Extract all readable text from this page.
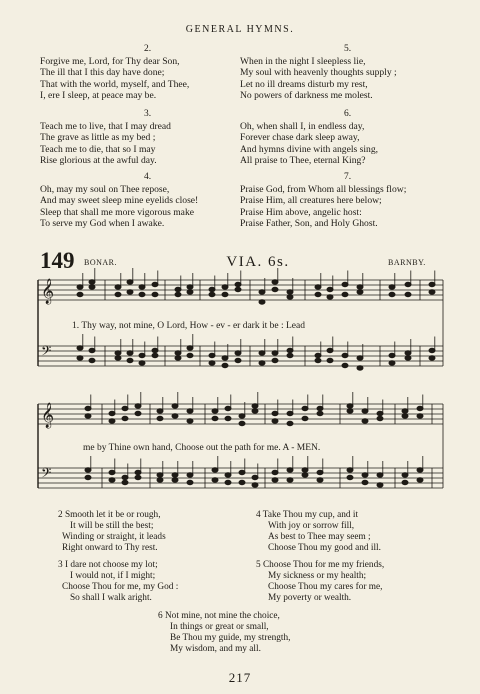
GENERAL HYMNS.
2.
Forgive me, Lord, for Thy dear Son,
The ill that I this day have done;
That with the world, myself, and Thee,
I, ere I sleep, at peace may be.
3.
Teach me to live, that I may dread
The grave as little as my bed ;
Teach me to die, that so I may
Rise glorious at the awful day.
4.
Oh, may my soul on Thee repose,
And may sweet sleep mine eyelids close!
Sleep that shall me more vigorous make
To serve my God when I awake.
5.
When in the night I sleepless lie,
My soul with heavenly thoughts supply ;
Let no ill dreams disturb my rest,
No powers of darkness me molest.
6.
Oh, when shall I, in endless day,
Forever chase dark sleep away,
And hymns divine with angels sing,
All praise to Thee, eternal King?
7.
Praise God, from Whom all blessings flow;
Praise Him, all creatures here below;
Praise Him above, angelic host:
Praise Father, Son, and Holy Ghost.
149 BONAR.	VIA. 6s.	BARNBY.
𝄞
𝄢
𝄞
𝄢
1. Thy way, not mine, O Lord, How - ev - er dark it be : Lead
me by Thine own hand, Choose out the path for me. A - MEN.
2 Smooth let it be or rough,
It will be still the best;
Winding or straight, it leads
Right onward to Thy rest.
3 I dare not choose my lot;
I would not, if I might;
Choose Thou for me, my God :
So shall I walk aright.
4 Take Thou my cup, and it
With joy or sorrow fill,
As best to Thee may seem ;
Choose Thou my good and ill.
5 Choose Thou for me my friends,
My sickness or my health;
Choose Thou my cares for me,
My poverty or wealth.
6 Not mine, not mine the choice,
In things or great or small,
Be Thou my guide, my strength,
My wisdom, and my all.
217
